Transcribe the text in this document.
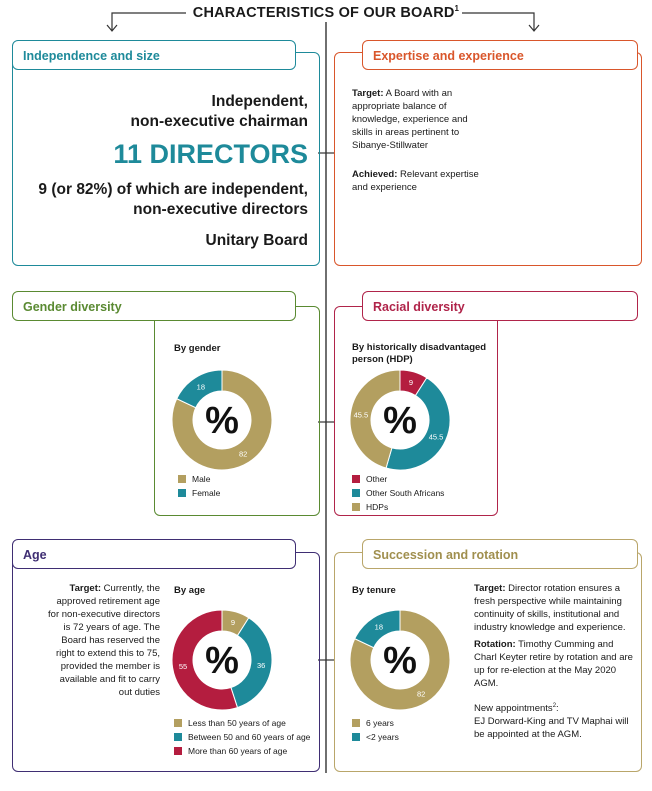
CHARACTERISTICS OF OUR BOARD$^1$
Independence and size
Independent,
non-executive chairman
11 DIRECTORS
9 (or 82%) of which are independent,
non-executive directors
Unitary Board
Expertise and experience
Target: A Board with an appropriate balance of knowledge, experience and skills in areas pertinent to Sibanye-Stillwater
Achieved: Relevant expertise and experience
Gender diversity
By gender
82
18
%
Male
Female
Racial diversity
By historically disadvantaged person (HDP)
9
45.5
45.5 %
Other
Other South Africans
HDPs
Age
Target: Currently, the approved retirement age for non-executive directors is 72 years of age. The Board has reserved the right to extend this to 75, provided the member is available and fit to carry out duties
By age
9
36
55 %
Less than 50 years of age
Between 50 and 60 years of age
More than 60 years of age
Succession and rotation
By tenure
82
18
%
6 years
<2 years
Target: Director rotation ensures a fresh perspective while maintaining continuity of skills, institutional and industry knowledge and experience.
Rotation: Timothy Cumming and Charl Keyter retire by rotation and are up for re-election at the May 2020 AGM.
New appointments$^2$:
EJ Dorward-King and TV Maphai will be appointed at the AGM.
